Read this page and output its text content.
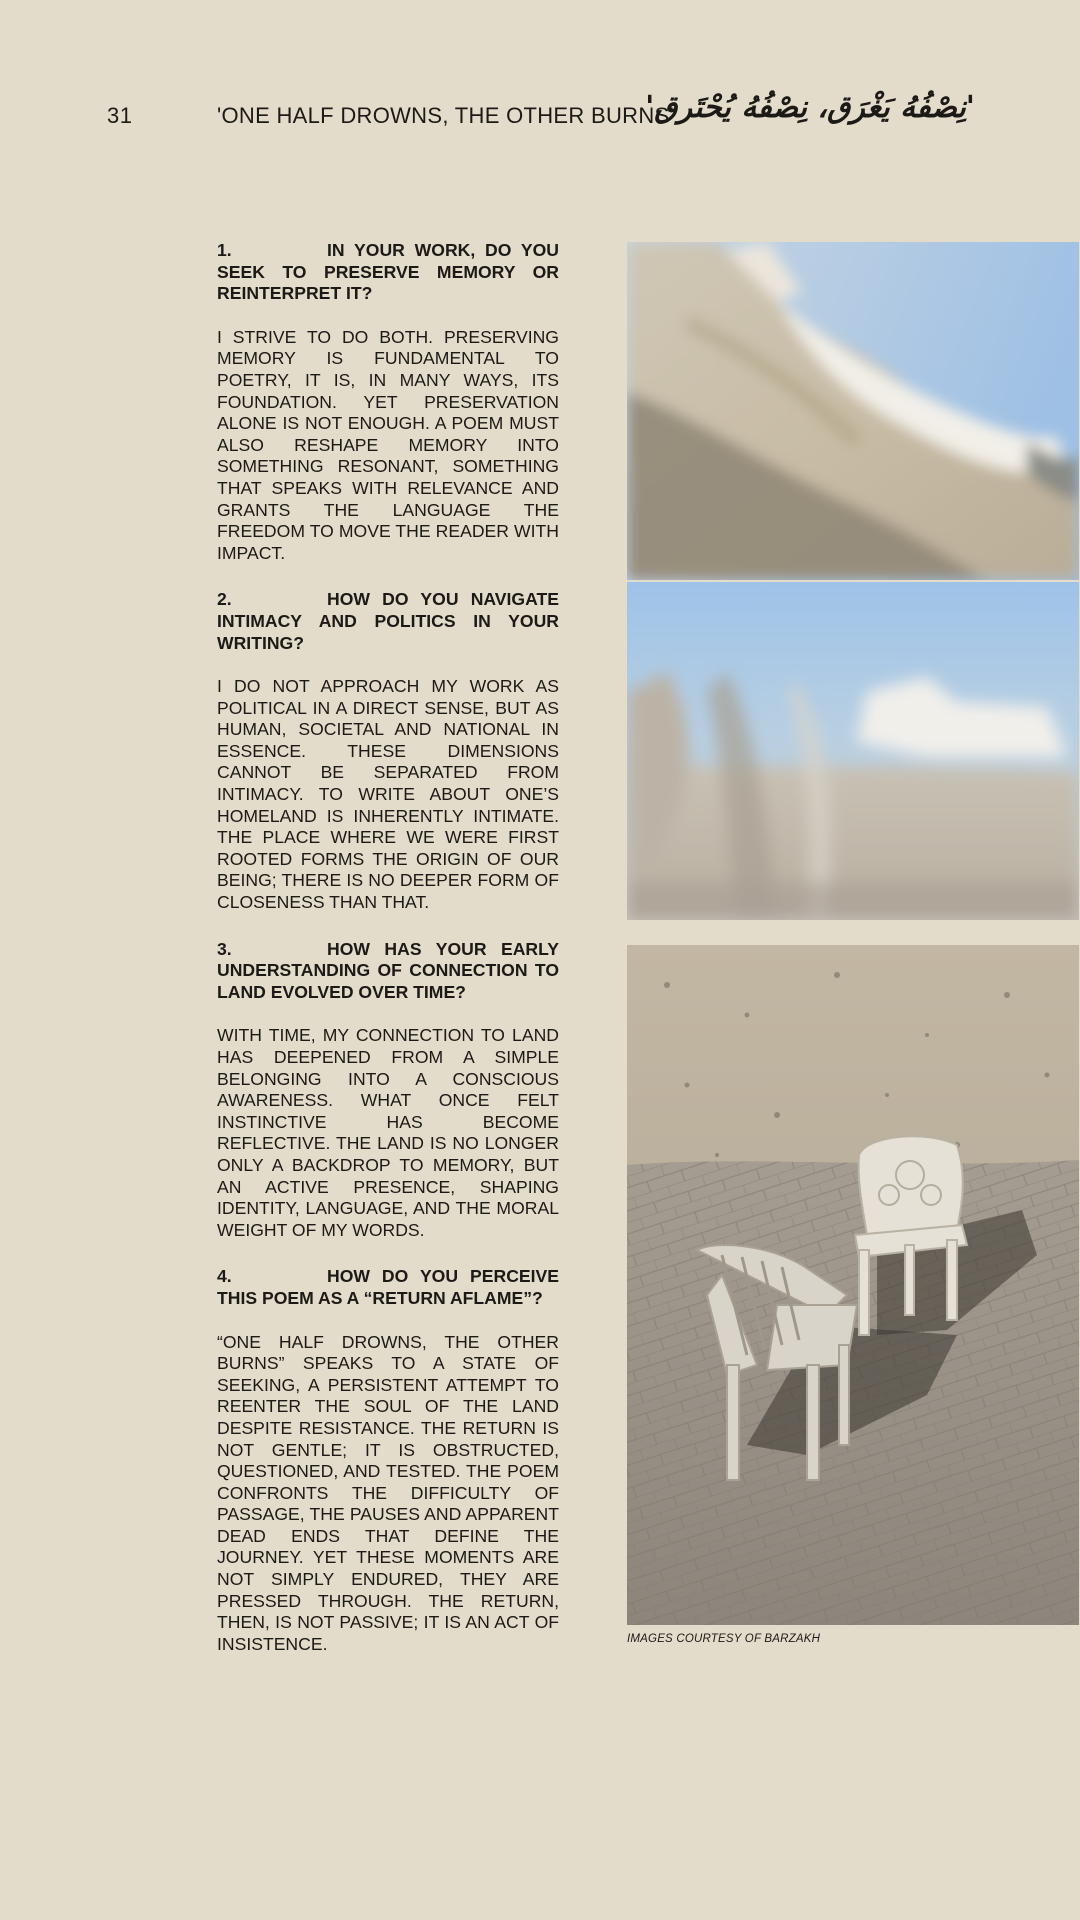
31	'ONE HALF DROWNS, THE OTHER BURNS'
'نِصْفُهُ يَغْرَق، نِصْفُهُ يُحْتَرق'

1.	IN YOUR WORK, DO YOU SEEK TO PRESERVE MEMORY OR REINTERPRET IT?

I STRIVE TO DO BOTH. PRESERVING MEMORY IS FUNDAMENTAL TO POETRY, IT IS, IN MANY WAYS, ITS FOUNDATION. YET PRESERVATION ALONE IS NOT ENOUGH. A POEM MUST ALSO RESHAPE MEMORY INTO SOMETHING RESONANT, SOMETHING THAT SPEAKS WITH RELEVANCE AND GRANTS THE LANGUAGE THE FREEDOM TO MOVE THE READER WITH IMPACT.

2.	HOW DO YOU NAVIGATE INTIMACY AND POLITICS IN YOUR WRITING?

I DO NOT APPROACH MY WORK AS POLITICAL IN A DIRECT SENSE, BUT AS HUMAN, SOCIETAL AND NATIONAL IN ESSENCE. THESE DIMENSIONS CANNOT BE SEPARATED FROM INTIMACY. TO WRITE ABOUT ONE’S HOMELAND IS INHERENTLY INTIMATE. THE PLACE WHERE WE WERE FIRST ROOTED FORMS THE ORIGIN OF OUR BEING; THERE IS NO DEEPER FORM OF CLOSENESS THAN THAT.

3.	HOW HAS YOUR EARLY UNDERSTANDING OF CONNECTION TO LAND EVOLVED OVER TIME?

WITH TIME, MY CONNECTION TO LAND HAS DEEPENED FROM A SIMPLE BELONGING INTO A CONSCIOUS AWARENESS. WHAT ONCE FELT INSTINCTIVE HAS BECOME REFLECTIVE. THE LAND IS NO LONGER ONLY A BACKDROP TO MEMORY, BUT AN ACTIVE PRESENCE, SHAPING IDENTITY, LANGUAGE, AND THE MORAL WEIGHT OF MY WORDS.

4.	HOW DO YOU PERCEIVE THIS POEM AS A “RETURN AFLAME”?

“ONE HALF DROWNS, THE OTHER BURNS” SPEAKS TO A STATE OF SEEKING, A PERSISTENT ATTEMPT TO REENTER THE SOUL OF THE LAND DESPITE RESISTANCE. THE RETURN IS NOT GENTLE; IT IS OBSTRUCTED, QUESTIONED, AND TESTED. THE POEM CONFRONTS THE DIFFICULTY OF PASSAGE, THE PAUSES AND APPARENT DEAD ENDS THAT DEFINE THE JOURNEY. YET THESE MOMENTS ARE NOT SIMPLY ENDURED, THEY ARE PRESSED THROUGH. THE RETURN, THEN, IS NOT PASSIVE; IT IS AN ACT OF INSISTENCE.	IMAGES COURTESY OF BARZAKH
